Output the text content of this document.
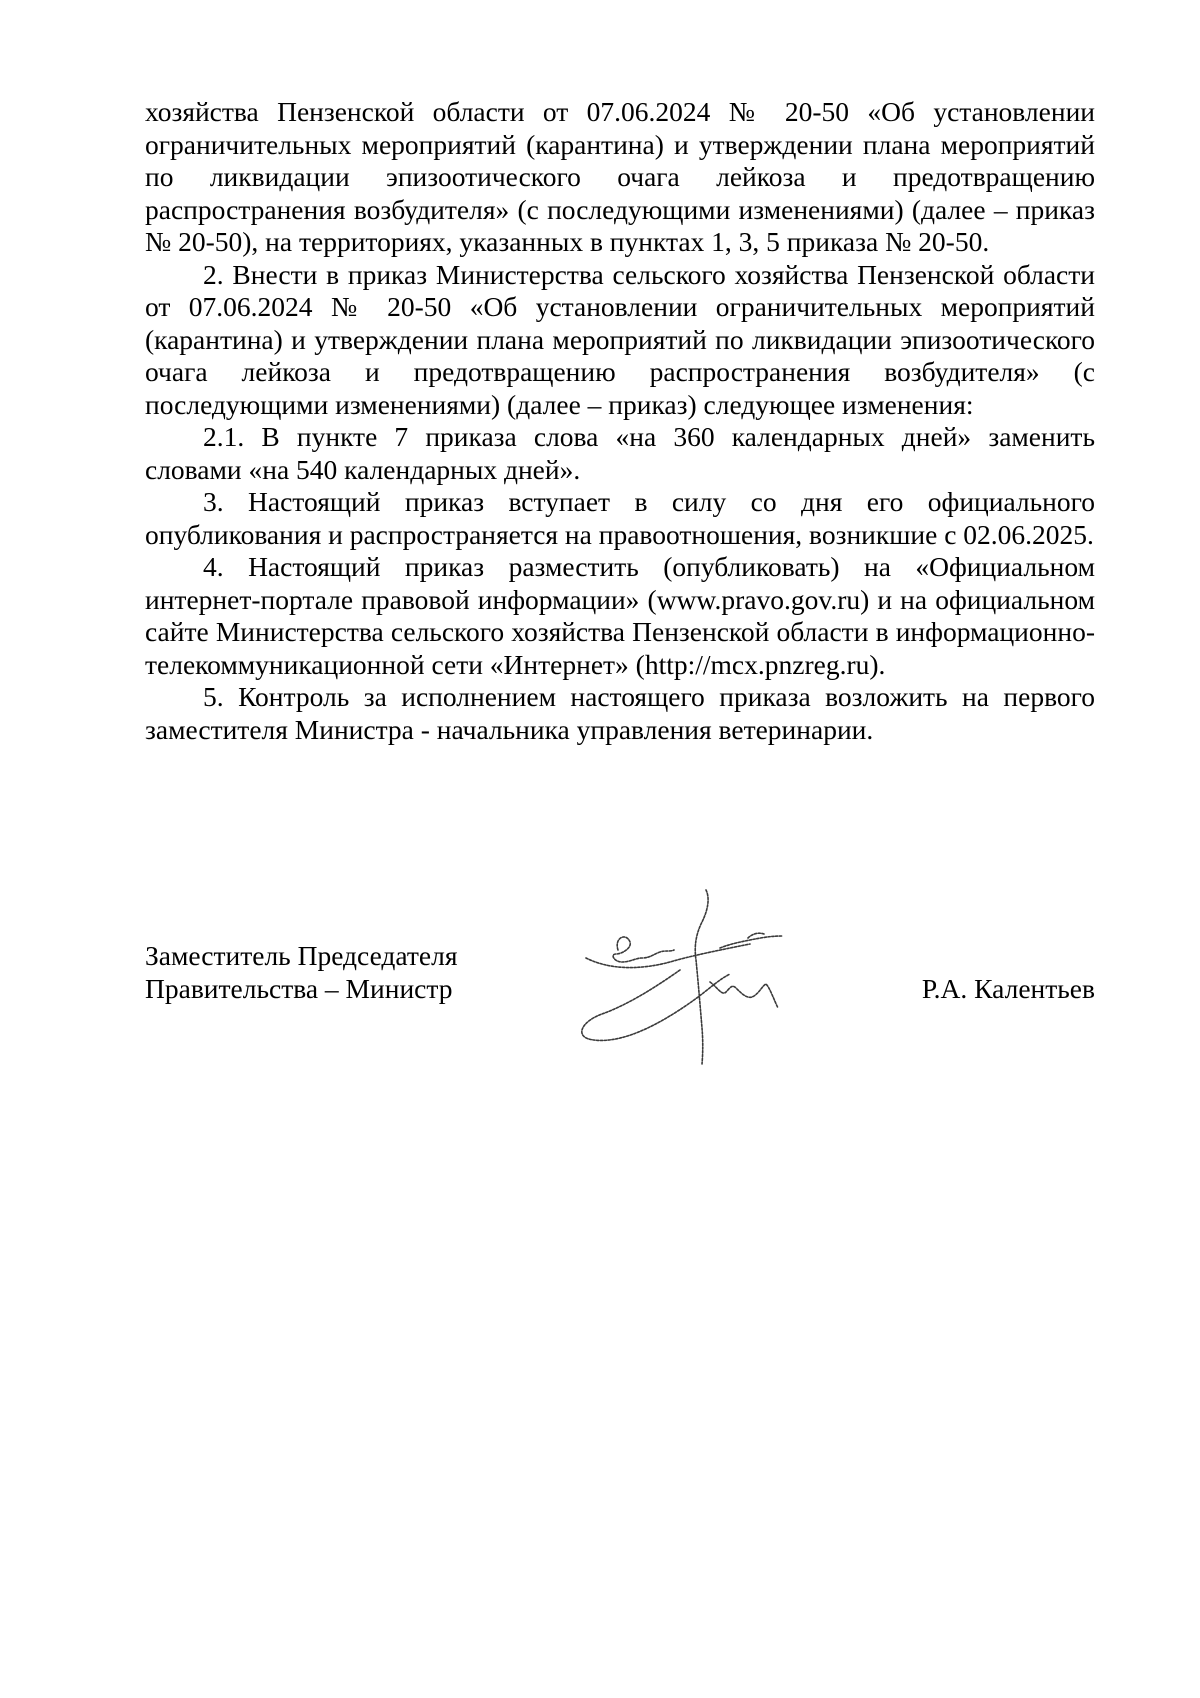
хозяйства Пензенской области от 07.06.2024 № 20-50 «Об установлении ограничительных мероприятий (карантина) и утверждении плана мероприятий по ликвидации эпизоотического очага лейкоза и предотвращению распространения возбудителя» (с последующими изменениями) (далее – приказ № 20-50), на территориях, указанных в пунктах 1, 3, 5 приказа № 20-50.

2. Внести в приказ Министерства сельского хозяйства Пензенской области от 07.06.2024 № 20-50 «Об установлении ограничительных мероприятий (карантина) и утверждении плана мероприятий по ликвидации эпизоотического очага лейкоза и предотвращению распространения возбудителя» (с последующими изменениями) (далее – приказ) следующее изменения:

2.1. В пункте 7 приказа слова «на 360 календарных дней» заменить словами «на 540 календарных дней».

3. Настоящий приказ вступает в силу со дня его официального опубликования и распространяется на правоотношения, возникшие с 02.06.2025.

4. Настоящий приказ разместить (опубликовать) на «Официальном интернет-портале правовой информации» (www.pravo.gov.ru) и на официальном сайте Министерства сельского хозяйства Пензенской области в информационно-телекоммуникационной сети «Интернет» (http://mcx.pnzreg.ru).

5. Контроль за исполнением настоящего приказа возложить на первого заместителя Министра - начальника управления ветеринарии.

Заместитель Председателя
Правительства – Министр	Р.А. Калентьев
